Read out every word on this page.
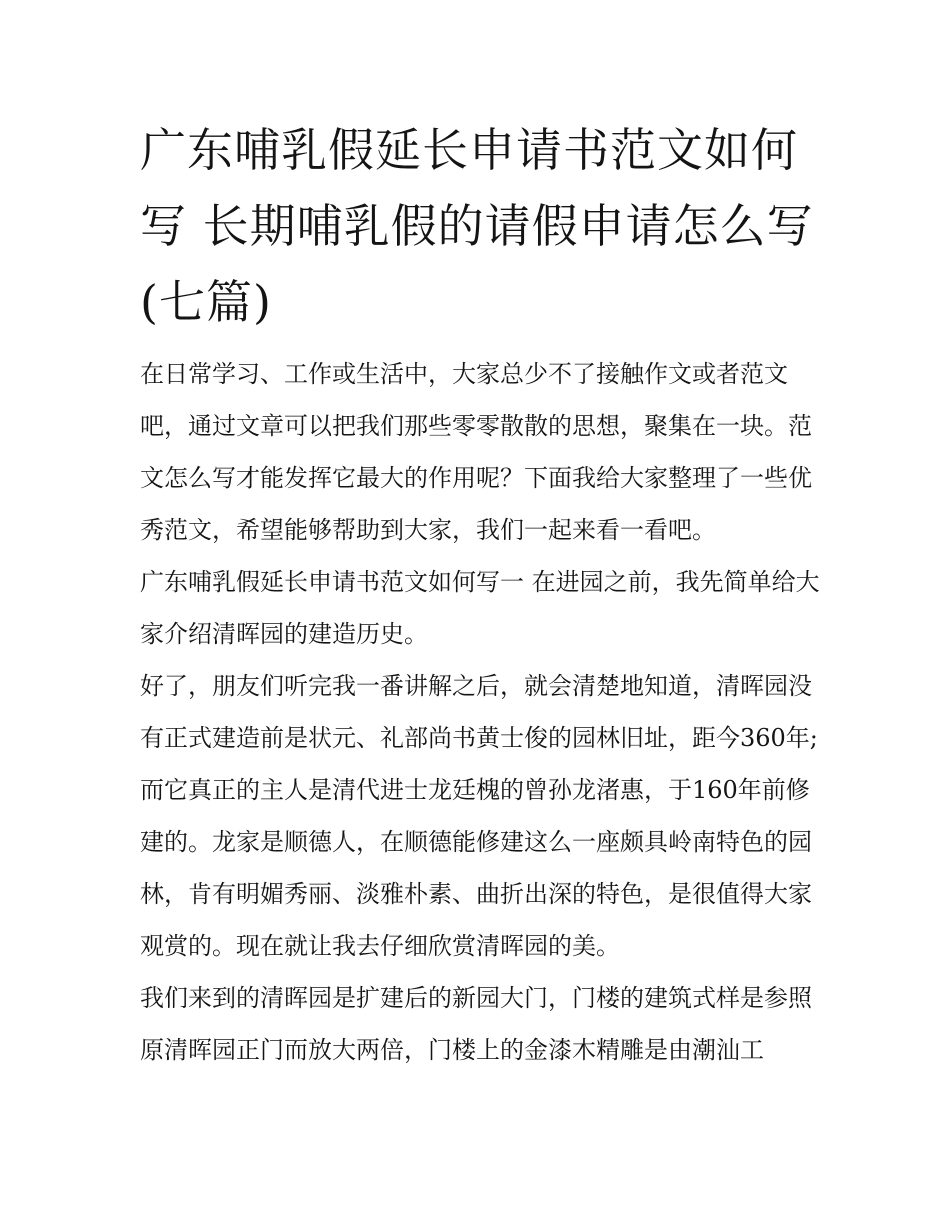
广东哺乳假延长申请书范文如何写 长期哺乳假的请假申请怎么写(七篇)

在日常学习、工作或生活中，大家总少不了接触作文或者范文吧，通过文章可以把我们那些零零散散的思想，聚集在一块。范文怎么写才能发挥它最大的作用呢？下面我给大家整理了一些优秀范文，希望能够帮助到大家，我们一起来看一看吧。

广东哺乳假延长申请书范文如何写一 在进园之前，我先简单给大家介绍清晖园的建造历史。

好了，朋友们听完我一番讲解之后，就会清楚地知道，清晖园没有正式建造前是状元、礼部尚书黄士俊的园林旧址，距今360年;而它真正的主人是清代进士龙廷槐的曾孙龙渚惠，于160年前修建的。龙家是顺德人，在顺德能修建这么一座颇具岭南特色的园林，肯有明媚秀丽、淡雅朴素、曲折出深的特色，是很值得大家观赏的。现在就让我去仔细欣赏清晖园的美。

我们来到的清晖园是扩建后的新园大门，门楼的建筑式样是参照原清晖园正门而放大两倍，门楼上的金漆木精雕是由潮汕工
